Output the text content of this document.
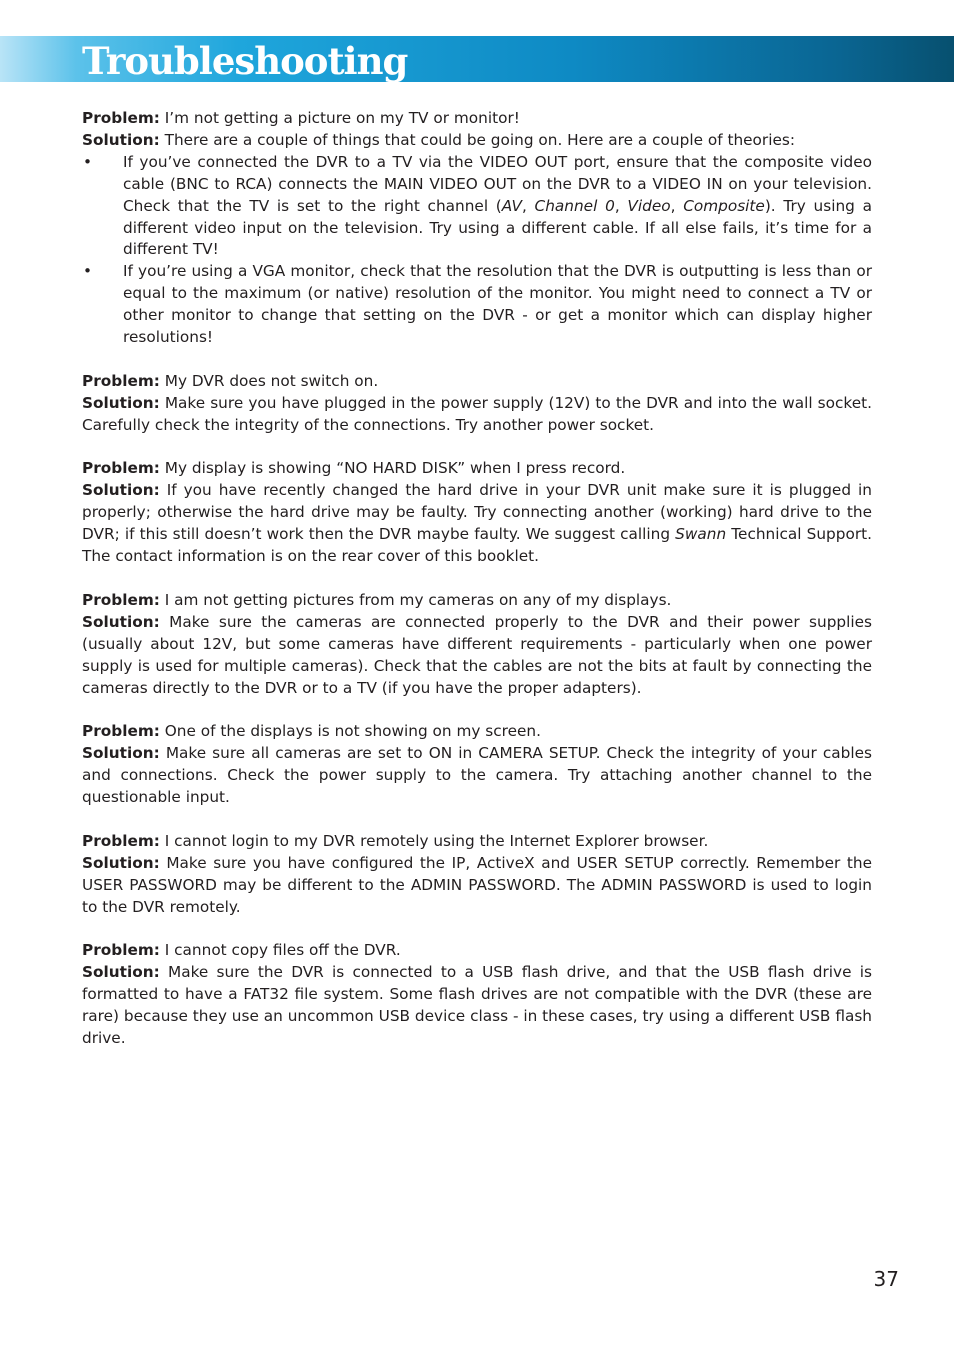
Troubleshooting
Problem: I’m not getting a picture on my TV or monitor!
Solution: There are a couple of things that could be going on. Here are a couple of theories:
• If you’ve connected the DVR to a TV via the VIDEO OUT port, ensure that the composite video cable (BNC to RCA) connects the MAIN VIDEO OUT on the DVR to a VIDEO IN on your television. Check that the TV is set to the right channel (AV, Channel 0, Video, Composite). Try using a different video input on the television. Try using a different cable. If all else fails, it’s time for a different TV!
• If you’re using a VGA monitor, check that the resolution that the DVR is outputting is less than or equal to the maximum (or native) resolution of the monitor. You might need to connect a TV or other monitor to change that setting on the DVR - or get a monitor which can display higher resolutions!
Problem: My DVR does not switch on.
Solution: Make sure you have plugged in the power supply (12V) to the DVR and into the wall socket. Carefully check the integrity of the connections. Try another power socket.
Problem: My display is showing “NO HARD DISK” when I press record.
Solution: If you have recently changed the hard drive in your DVR unit make sure it is plugged in properly; otherwise the hard drive may be faulty. Try connecting another (working) hard drive to the DVR; if this still doesn’t work then the DVR maybe faulty. We suggest calling Swann Technical Support. The contact information is on the rear cover of this booklet.
Problem: I am not getting pictures from my cameras on any of my displays.
Solution: Make sure the cameras are connected properly to the DVR and their power supplies (usually about 12V, but some cameras have different requirements - particularly when one power supply is used for multiple cameras). Check that the cables are not the bits at fault by connecting the cameras directly to the DVR or to a TV (if you have the proper adapters).
Problem: One of the displays is not showing on my screen.
Solution: Make sure all cameras are set to ON in CAMERA SETUP. Check the integrity of your cables and connections. Check the power supply to the camera. Try attaching another channel to the questionable input.
Problem: I cannot login to my DVR remotely using the Internet Explorer browser.
Solution: Make sure you have configured the IP, ActiveX and USER SETUP correctly. Remember the USER PASSWORD may be different to the ADMIN PASSWORD. The ADMIN PASSWORD is used to login to the DVR remotely.
Problem: I cannot copy files off the DVR.
Solution: Make sure the DVR is connected to a USB flash drive, and that the USB flash drive is formatted to have a FAT32 file system. Some flash drives are not compatible with the DVR (these are rare) because they use an uncommon USB device class - in these cases, try using a different USB flash drive.
37
